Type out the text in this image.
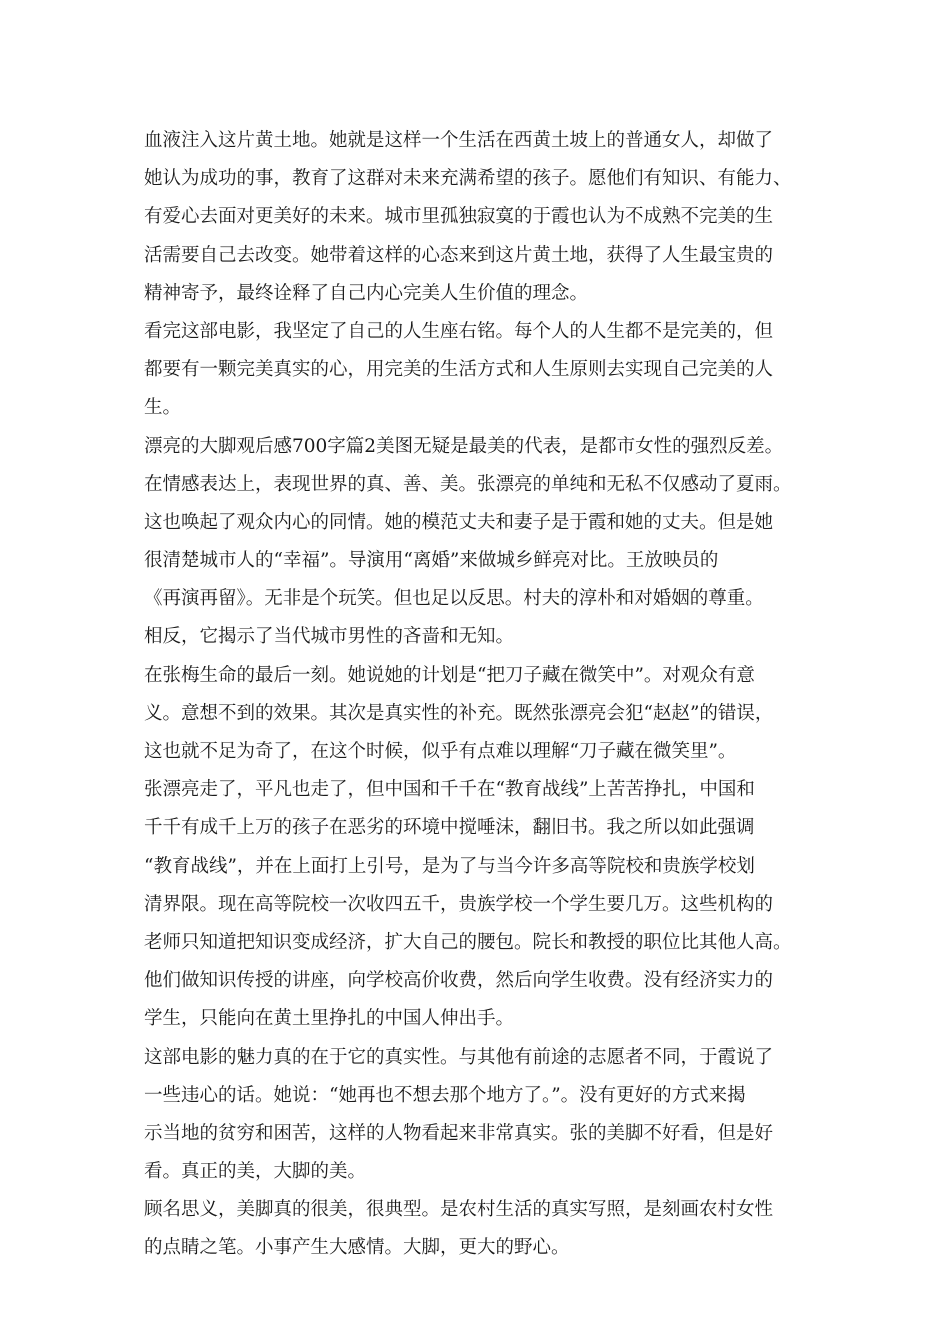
血液注入这片黄土地。她就是这样一个生活在西黄土坡上的普通女人，却做了
她认为成功的事，教育了这群对未来充满希望的孩子。愿他们有知识、有能力、
有爱心去面对更美好的未来。城市里孤独寂寞的于霞也认为不成熟不完美的生
活需要自己去改变。她带着这样的心态来到这片黄土地，获得了人生最宝贵的
精神寄予，最终诠释了自己内心完美人生价值的理念。
看完这部电影，我坚定了自己的人生座右铭。每个人的人生都不是完美的，但
都要有一颗完美真实的心，用完美的生活方式和人生原则去实现自己完美的人
生。
漂亮的大脚观后感700字篇2美图无疑是最美的代表，是都市女性的强烈反差。
在情感表达上，表现世界的真、善、美。张漂亮的单纯和无私不仅感动了夏雨。
这也唤起了观众内心的同情。她的模范丈夫和妻子是于霞和她的丈夫。但是她
很清楚城市人的“幸福”。导演用“离婚”来做城乡鲜亮对比。王放映员的
《再演再留》。无非是个玩笑。但也足以反思。村夫的淳朴和对婚姻的尊重。
相反，它揭示了当代城市男性的吝啬和无知。
在张梅生命的最后一刻。她说她的计划是“把刀子藏在微笑中”。对观众有意
义。意想不到的效果。其次是真实性的补充。既然张漂亮会犯“赵赵”的错误，
这也就不足为奇了，在这个时候，似乎有点难以理解“刀子藏在微笑里”。
张漂亮走了，平凡也走了，但中国和千千在“教育战线”上苦苦挣扎，中国和
千千有成千上万的孩子在恶劣的环境中搅唾沫，翻旧书。我之所以如此强调
“教育战线”，并在上面打上引号，是为了与当今许多高等院校和贵族学校划
清界限。现在高等院校一次收四五千，贵族学校一个学生要几万。这些机构的
老师只知道把知识变成经济，扩大自己的腰包。院长和教授的职位比其他人高。
他们做知识传授的讲座，向学校高价收费，然后向学生收费。没有经济实力的
学生，只能向在黄土里挣扎的中国人伸出手。
这部电影的魅力真的在于它的真实性。与其他有前途的志愿者不同，于霞说了
一些违心的话。她说：“她再也不想去那个地方了。”。没有更好的方式来揭
示当地的贫穷和困苦，这样的人物看起来非常真实。张的美脚不好看，但是好
看。真正的美，大脚的美。
顾名思义，美脚真的很美，很典型。是农村生活的真实写照，是刻画农村女性
的点睛之笔。小事产生大感情。大脚，更大的野心。
